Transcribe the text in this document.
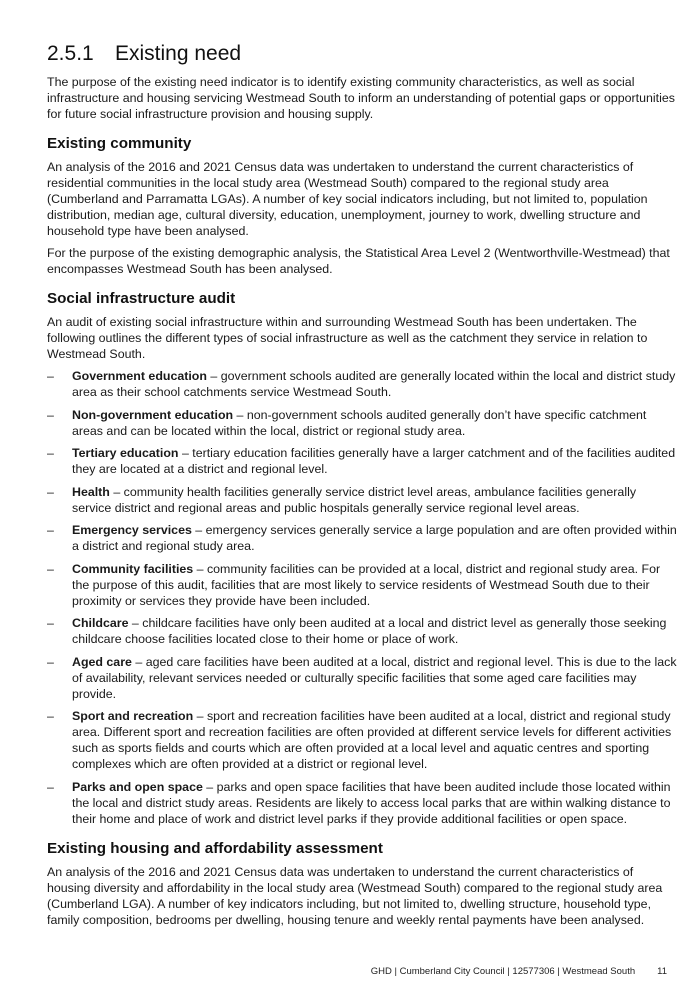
2.5.1	Existing need

The purpose of the existing need indicator is to identify existing community characteristics, as well as social infrastructure and housing servicing Westmead South to inform an understanding of potential gaps or opportunities for future social infrastructure provision and housing supply.

Existing community

An analysis of the 2016 and 2021 Census data was undertaken to understand the current characteristics of residential communities in the local study area (Westmead South) compared to the regional study area (Cumberland and Parramatta LGAs). A number of key social indicators including, but not limited to, population distribution, median age, cultural diversity, education, unemployment, journey to work, dwelling structure and household type have been analysed.

For the purpose of the existing demographic analysis, the Statistical Area Level 2 (Wentworthville-Westmead) that encompasses Westmead South has been analysed.

Social infrastructure audit

An audit of existing social infrastructure within and surrounding Westmead South has been undertaken. The following outlines the different types of social infrastructure as well as the catchment they service in relation to Westmead South.

– Government education – government schools audited are generally located within the local and district study area as their school catchments service Westmead South.
– Non-government education – non-government schools audited generally don’t have specific catchment areas and can be located within the local, district or regional study area.
– Tertiary education – tertiary education facilities generally have a larger catchment and of the facilities audited they are located at a district and regional level.
– Health – community health facilities generally service district level areas, ambulance facilities generally service district and regional areas and public hospitals generally service regional level areas.
– Emergency services – emergency services generally service a large population and are often provided within a district and regional study area.
– Community facilities – community facilities can be provided at a local, district and regional study area. For the purpose of this audit, facilities that are most likely to service residents of Westmead South due to their proximity or services they provide have been included.
– Childcare – childcare facilities have only been audited at a local and district level as generally those seeking childcare choose facilities located close to their home or place of work.
– Aged care – aged care facilities have been audited at a local, district and regional level. This is due to the lack of availability, relevant services needed or culturally specific facilities that some aged care facilities may provide.
– Sport and recreation – sport and recreation facilities have been audited at a local, district and regional study area. Different sport and recreation facilities are often provided at different service levels for different activities such as sports fields and courts which are often provided at a local level and aquatic centres and sporting complexes which are often provided at a district or regional level.
– Parks and open space – parks and open space facilities that have been audited include those located within the local and district study areas. Residents are likely to access local parks that are within walking distance to their home and place of work and district level parks if they provide additional facilities or open space.
Existing housing and affordability assessment

An analysis of the 2016 and 2021 Census data was undertaken to understand the current characteristics of housing diversity and affordability in the local study area (Westmead South) compared to the regional study area (Cumberland LGA). A number of key indicators including, but not limited to, dwelling structure, household type, family composition, bedrooms per dwelling, housing tenure and weekly rental payments have been analysed.

GHD | Cumberland City Council | 12577306 | Westmead South 11
